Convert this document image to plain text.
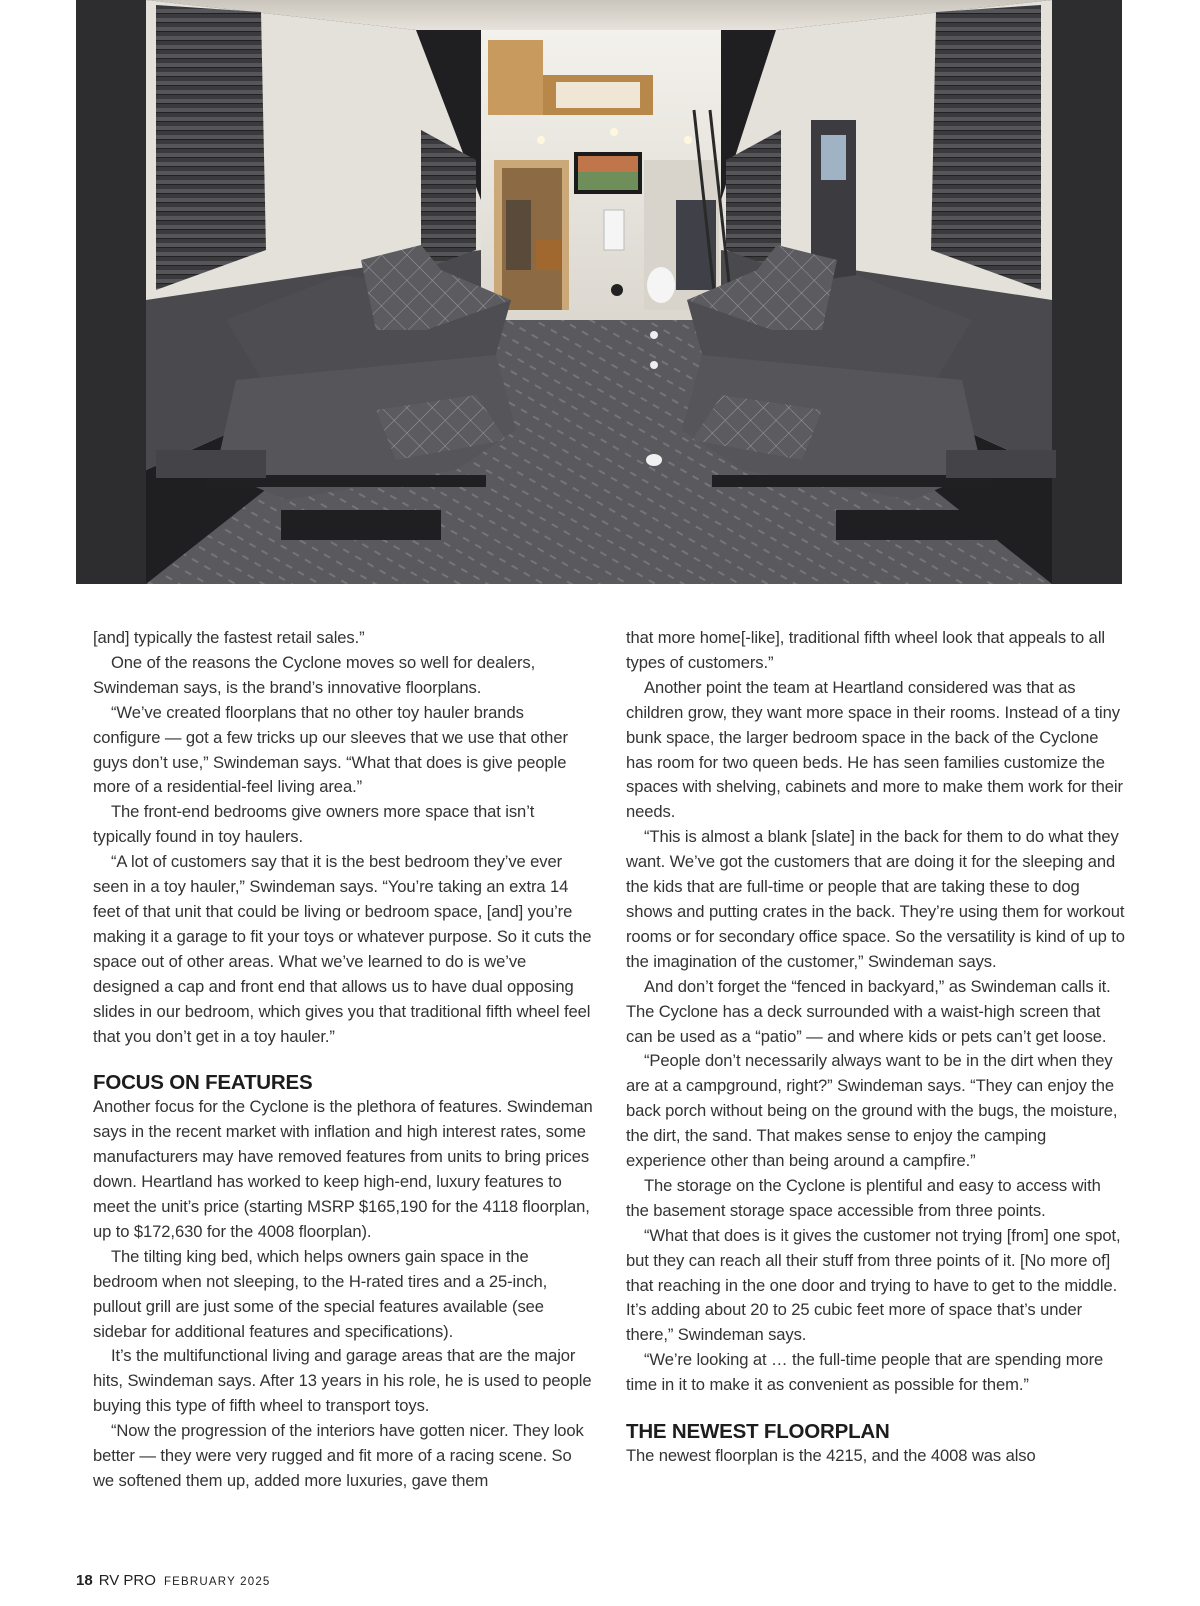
[and] typically the fastest retail sales.”

One of the reasons the Cyclone moves so well for dealers, Swindeman says, is the brand’s innovative floorplans.

“We’ve created floorplans that no other toy hauler brands configure — got a few tricks up our sleeves that we use that other guys don’t use,” Swindeman says. “What that does is give people more of a residential-feel living area.”

The front-end bedrooms give owners more space that isn’t typically found in toy haulers.

“A lot of customers say that it is the best bedroom they’ve ever seen in a toy hauler,” Swindeman says. “You’re taking an extra 14 feet of that unit that could be living or bedroom space, [and] you’re making it a garage to fit your toys or whatever purpose. So it cuts the space out of other areas. What we’ve learned to do is we’ve designed a cap and front end that allows us to have dual opposing slides in our bedroom, which gives you that traditional fifth wheel feel that you don’t get in a toy hauler.”

FOCUS ON FEATURES

Another focus for the Cyclone is the plethora of features. Swindeman says in the recent market with inflation and high interest rates, some manufacturers may have removed features from units to bring prices down. Heartland has worked to keep high-end, luxury features to meet the unit’s price (starting MSRP $165,190 for the 4118 floorplan, up to $172,630 for the 4008 floorplan).

The tilting king bed, which helps owners gain space in the bedroom when not sleeping, to the H-rated tires and a 25-inch, pullout grill are just some of the special features available (see sidebar for additional features and specifications).

It’s the multifunctional living and garage areas that are the major hits, Swindeman says. After 13 years in his role, he is used to people buying this type of fifth wheel to transport toys.

“Now the progression of the interiors have gotten nicer. They look better — they were very rugged and fit more of a racing scene. So we softened them up, added more luxuries, gave them

that more home[-like], traditional fifth wheel look that appeals to all types of customers.”

Another point the team at Heartland considered was that as children grow, they want more space in their rooms. Instead of a tiny bunk space, the larger bedroom space in the back of the Cyclone has room for two queen beds. He has seen families customize the spaces with shelving, cabinets and more to make them work for their needs.

“This is almost a blank [slate] in the back for them to do what they want. We’ve got the customers that are doing it for the sleeping and the kids that are full-time or people that are taking these to dog shows and putting crates in the back. They’re using them for workout rooms or for secondary office space. So the versatility is kind of up to the imagination of the customer,” Swindeman says.

And don’t forget the “fenced in backyard,” as Swindeman calls it. The Cyclone has a deck surrounded with a waist-high screen that can be used as a “patio” — and where kids or pets can’t get loose.

“People don’t necessarily always want to be in the dirt when they are at a campground, right?” Swindeman says. “They can enjoy the back porch without being on the ground with the bugs, the moisture, the dirt, the sand. That makes sense to enjoy the camping experience other than being around a campfire.”

The storage on the Cyclone is plentiful and easy to access with the basement storage space accessible from three points.

“What that does is it gives the customer not trying [from] one spot, but they can reach all their stuff from three points of it. [No more of] that reaching in the one door and trying to have to get to the middle. It’s adding about 20 to 25 cubic feet more of space that’s under there,” Swindeman says.

“We’re looking at … the full-time people that are spending more time in it to make it as convenient as possible for them.”

THE NEWEST FLOORPLAN

The newest floorplan is the 4215, and the 4008 was also

18 RV PRO FEBRUARY 2025
